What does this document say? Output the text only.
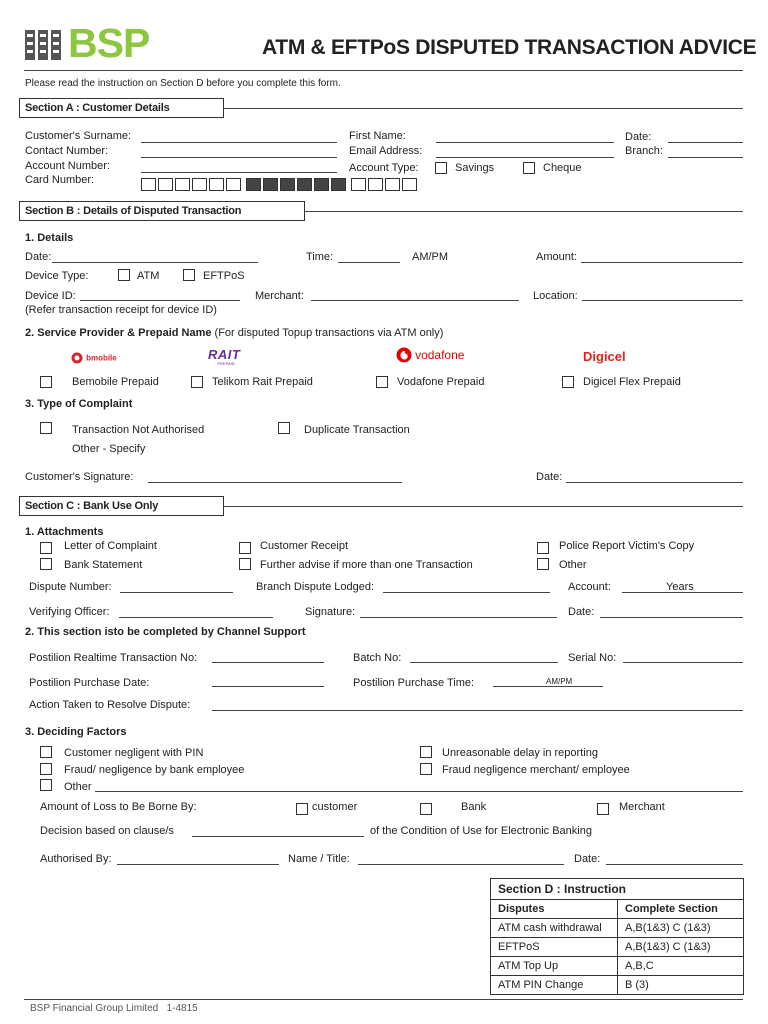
BSP	ATM & EFTPoS DISPUTED TRANSACTION ADVICE
Please read the instruction on Section D before you complete this form.
Section A : Customer Details
Customer's Surname:	First Name:	Date:
Contact Number:	Email Address:	Branch:
Account Number:	Account Type:	Savings	Cheque
Card Number:
Section B : Details of Disputed Transaction
1. Details
Date:	Time:	AM/PM	Amount:
Device Type:	ATM	EFTPoS
Device ID:	Merchant:	Location:
(Refer transaction receipt for device ID)
2. Service Provider & Prepaid Name (For disputed Topup transactions via ATM only)
bmobile	RAIT
PREPAID
vodafone	Digicel
Bemobile Prepaid	Telikom Rait Prepaid	Vodafone Prepaid	Digicel Flex Prepaid
3. Type of Complaint
Transaction Not Authorised	Duplicate Transaction
Other - Specify
Customer's Signature:	Date:
Section C : Bank Use Only
1. Attachments
Letter of Complaint	Customer Receipt	Police Report Victim's Copy
Bank Statement	Further advise if more than one Transaction	Other
Dispute Number:	Branch Dispute Lodged:	Account:	Years
Verifying Officer:	Signature:	Date:
2. This section isto be completed by Channel Support
Postilion Realtime Transaction No:	Batch No:	Serial No:
Postilion Purchase Date:	Postilion Purchase Time:	AM/PM
Action Taken to Resolve Dispute:
3. Deciding Factors
Customer negligent with PIN	Unreasonable delay in reporting
Fraud/ negligence by bank employee	Fraud negligence merchant/ employee
Other
Amount of Loss to Be Borne By:	customer	Bank	Merchant
Decision based on clause/s	of the Condition of Use for Electronic Banking
Authorised By:	Name / Title:	Date:
Section D : Instruction	
Disputes	Complete Section
ATM cash withdrawal	A,B(1&3) C (1&3)
EFTPoS	A,B(1&3) C (1&3)
ATM Top Up	A,B,C
ATM PIN Change	B (3)
BSP Financial Group Limited 1-4815
